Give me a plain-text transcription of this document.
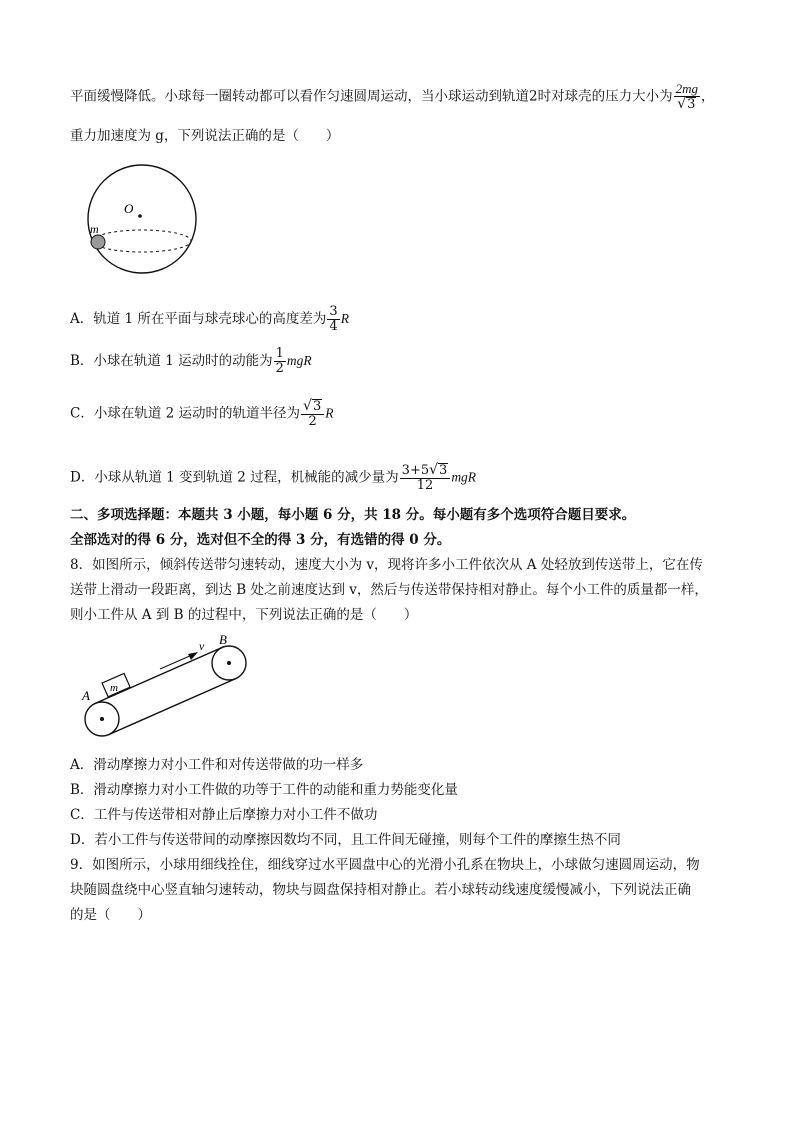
平面缓慢降低。小球每一圈转动都可以看作匀速圆周运动，当小球运动到轨道2时对球壳的压力大小为 $\frac{2mg}{√ 3}$ ，
重力加速度为 g，下列说法正确的是（　　）
O
m
A．轨道 1 所在平面与球壳球心的高度差为 $\frac{3}{4}$ R
B．小球在轨道 1 运动时的动能为 $\frac{1}{2}$ mgR
C．小球在轨道 2 运动时的轨道半径为 $\frac{√ 3}{2}$ R
D．小球从轨道 1 变到轨道 2 过程，机械能的减少量为 $\frac{3+5 √ 3}{12}$ mgR
二、多项选择题：本题共 3 小题，每小题 6 分，共 18 分。每小题有多个选项符合题目要求。
全部选对的得 6 分，选对但不全的得 3 分，有选错的得 0 分。
8．如图所示，倾斜传送带匀速转动，速度大小为 v，现将许多小工件依次从 A 处轻放到传送带上，它在传
送带上滑动一段距离，到达 B 处之前速度达到 v，然后与传送带保持相对静止。每个小工件的质量都一样，
则小工件从 A 到 B 的过程中，下列说法正确的是（　　）
m
v
A
B
A．滑动摩擦力对小工件和对传送带做的功一样多
B．滑动摩擦力对小工件做的功等于工件的动能和重力势能变化量
C．工件与传送带相对静止后摩擦力对小工件不做功
D．若小工件与传送带间的动摩擦因数均不同，且工件间无碰撞，则每个工件的摩擦生热不同
9．如图所示，小球用细线拴住，细线穿过水平圆盘中心的光滑小孔系在物块上，小球做匀速圆周运动，物
块随圆盘绕中心竖直轴匀速转动，物块与圆盘保持相对静止。若小球转动线速度缓慢减小，下列说法正确
的是（　　）
